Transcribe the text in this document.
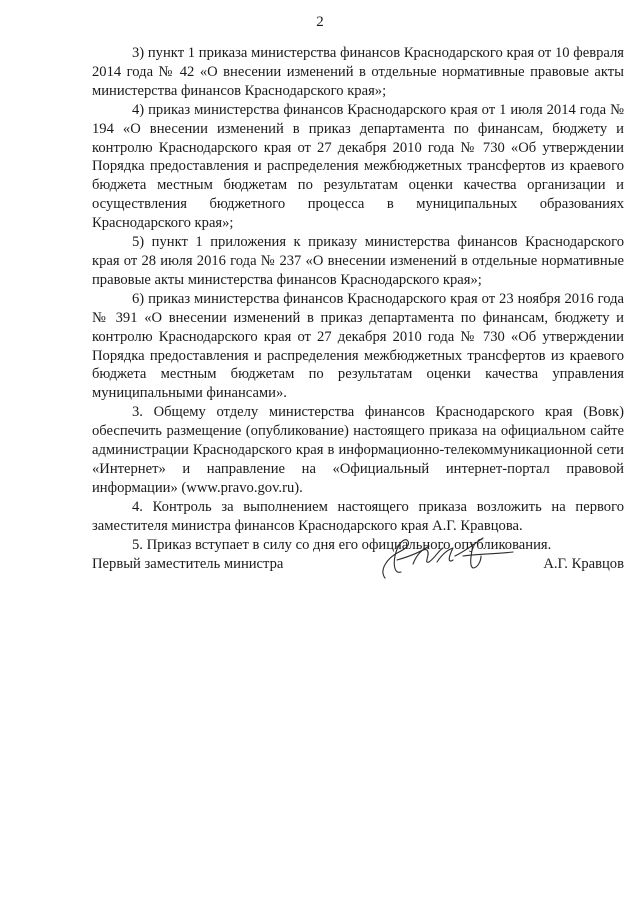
2

3) пункт 1 приказа министерства финансов Краснодарского края от 10 февраля 2014 года № 42 «О внесении изменений в отдельные нормативные правовые акты министерства финансов Краснодарского края»;

4) приказ министерства финансов Краснодарского края от 1 июля 2014 года № 194 «О внесении изменений в приказ департамента по финансам, бюджету и контролю Краснодарского края от 27 декабря 2010 года № 730 «Об утверждении Порядка предоставления и распределения межбюджетных трансфертов из краевого бюджета местным бюджетам по результатам оценки качества организации и осуществления бюджетного процесса в муниципальных образованиях Краснодарского края»;

5) пункт 1 приложения к приказу министерства финансов Краснодарского края от 28 июля 2016 года № 237 «О внесении изменений в отдельные нормативные правовые акты министерства финансов Краснодарского края»;

6) приказ министерства финансов Краснодарского края от 23 ноября 2016 года № 391 «О внесении изменений в приказ департамента по финансам, бюджету и контролю Краснодарского края от 27 декабря 2010 года № 730 «Об утверждении Порядка предоставления и распределения межбюджетных трансфертов из краевого бюджета местным бюджетам по результатам оценки качества управления муниципальными финансами».

3. Общему отделу министерства финансов Краснодарского края (Вовк) обеспечить размещение (опубликование) настоящего приказа на официальном сайте администрации Краснодарского края в информационно-телекоммуникационной сети «Интернет» и направление на «Официальный интернет-портал правовой информации» (www.pravo.gov.ru).

4. Контроль за выполнением настоящего приказа возложить на первого заместителя министра финансов Краснодарского края А.Г. Кравцова.

5. Приказ вступает в силу со дня его официального опубликования.

Первый заместитель министра	А.Г. Кравцов
